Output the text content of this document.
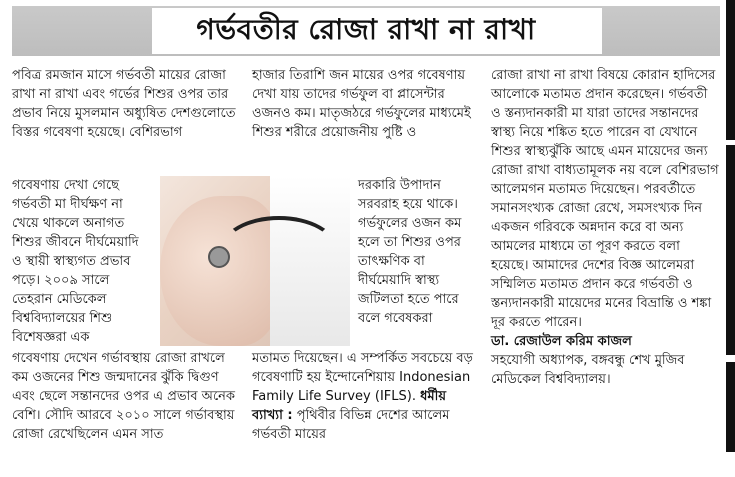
গর্ভবতীর রোজা রাখা না রাখা

পবিত্র রমজান মাসে গর্ভবতী মায়ের রোজা রাখা না রাখা এবং গর্ভের শিশুর ওপর তার প্রভাব নিয়ে মুসলমান অধ্যুষিত দেশগুলোতে বিস্তর গবেষণা হয়েছে। বেশিরভাগ

গবেষণায় দেখা গেছে গর্ভবতী মা দীর্ঘক্ষণ না খেয়ে থাকলে অনাগত শিশুর জীবনে দীর্ঘমেয়াদি ও স্থায়ী স্বাস্থ্যগত প্রভাব পড়ে। ২০০৯ সালে তেহরান মেডিকেল বিশ্ববিদ্যালয়ের শিশু বিশেষজ্ঞরা এক

গবেষণায় দেখেন গর্ভাবস্থায় রোজা রাখলে কম ওজনের শিশু জন্মদানের ঝুঁকি দ্বিগুণ এবং ছেলে সন্তানদের ওপর এ প্রভাব অনেক বেশি। সৌদি আরবে ২০১০ সালে গর্ভাবস্থায় রোজা রেখেছিলেন এমন সাত

হাজার তিরাশি জন মায়ের ওপর গবেষণায় দেখা যায় তাদের গর্ভফুল বা প্লাসেন্টার ওজনও কম। মাতৃজঠরে গর্ভফুলের মাধ্যমেই শিশুর শরীরে প্রয়োজনীয় পুষ্টি ও

দরকারি উপাদান সরবরাহ হয়ে থাকে। গর্ভফুলের ওজন কম হলে তা শিশুর ওপর তাৎক্ষণিক বা দীর্ঘমেয়াদি স্বাস্থ্য জটিলতা হতে পারে বলে গবেষকরা

মতামত দিয়েছেন। এ সম্পর্কিত সবচেয়ে বড় গবেষণাটি হয় ইন্দোনেশিয়ায় Indonesian Family Life Survey (IFLS). ধর্মীয় ব্যাখ্যা : পৃথিবীর বিভিন্ন দেশের আলেম গর্ভবতী মায়ের

রোজা রাখা না রাখা বিষয়ে কোরান হাদিসের আলোকে মতামত প্রদান করেছেন। গর্ভবতী ও স্তন্যদানকারী মা যারা তাদের সন্তানদের স্বাস্থ্য নিয়ে শঙ্কিত হতে পারেন বা যেখানে শিশুর স্বাস্থ্যঝুঁকি আছে এমন মায়েদের জন্য রোজা রাখা বাধ্যতামূলক নয় বলে বেশিরভাগ আলেমগন মতামত দিয়েছেন। পরবর্তীতে সমানসংখ্যক রোজা রেখে, সমসংখ্যক দিন একজন গরিবকে অন্নদান করে বা অন্য আমলের মাধ্যমে তা পূরণ করতে বলা হয়েছে। আমাদের দেশের বিজ্ঞ আলেমরা সম্মিলিত মতামত প্রদান করে গর্ভবতী ও স্তন্যদানকারী মায়েদের মনের বিভ্রান্তি ও শঙ্কা দূর করতে পারেন।

ডা. রেজাউল করিম কাজল

সহযোগী অধ্যাপক, বঙ্গবন্ধু শেখ মুজিব মেডিকেল বিশ্ববিদ্যালয়।
